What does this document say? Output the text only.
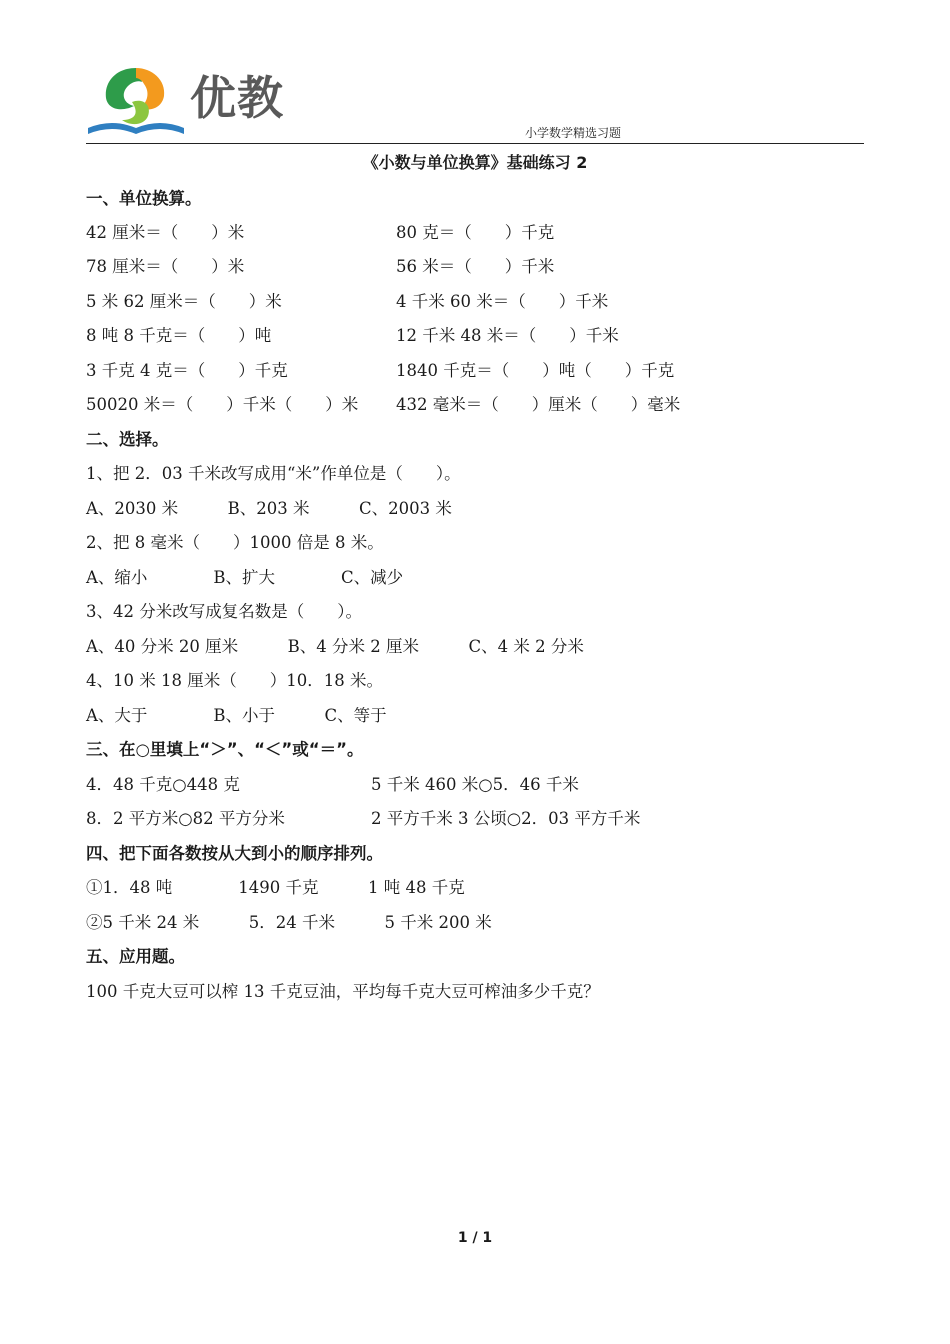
优教
小学数学精选习题
《小数与单位换算》基础练习 2
一、单位换算。
42 厘米＝（　　）米	80 克＝（　　）千克
78 厘米＝（　　）米	56 米＝（　　）千米
5 米 62 厘米＝（　　）米	4 千米 60 米＝（　　）千米
8 吨 8 千克＝（　　）吨	12 千米 48 米＝（　　）千米
3 千克 4 克＝（　　）千克	1840 千克＝（　　）吨（　　）千克
50020 米＝（　　）千米（　　）米 432 毫米＝（　　）厘米（　　）毫米
二、选择。
1、把 2．03 千米改写成用“米”作单位是（　　）。
A、2030 米　　　B、203 米　　　C、2003 米
2、把 8 毫米（　　）1000 倍是 8 米。
A、缩小　　　　B、扩大　　　　C、减少
3、42 分米改写成复名数是（　　）。
A、40 分米 20 厘米　　　B、4 分米 2 厘米　　　C、4 米 2 分米
4、10 米 18 厘米（　　）10．18 米。
A、大于　　　　B、小于　　　C、等于
三、在○里填上“＞”、“＜”或“＝”。
4．48 千克○448 克	5 千米 460 米○5．46 千米
8．2 平方米○82 平方分米	2 平方千米 3 公顷○2．03 平方千米
四、把下面各数按从大到小的顺序排列。
①1．48 吨　　　　1490 千克　　　1 吨 48 千克
②5 千米 24 米　　　5．24 千米　　　5 千米 200 米
五、应用题。
100 千克大豆可以榨 13 千克豆油，平均每千克大豆可榨油多少千克？
1 / 1
